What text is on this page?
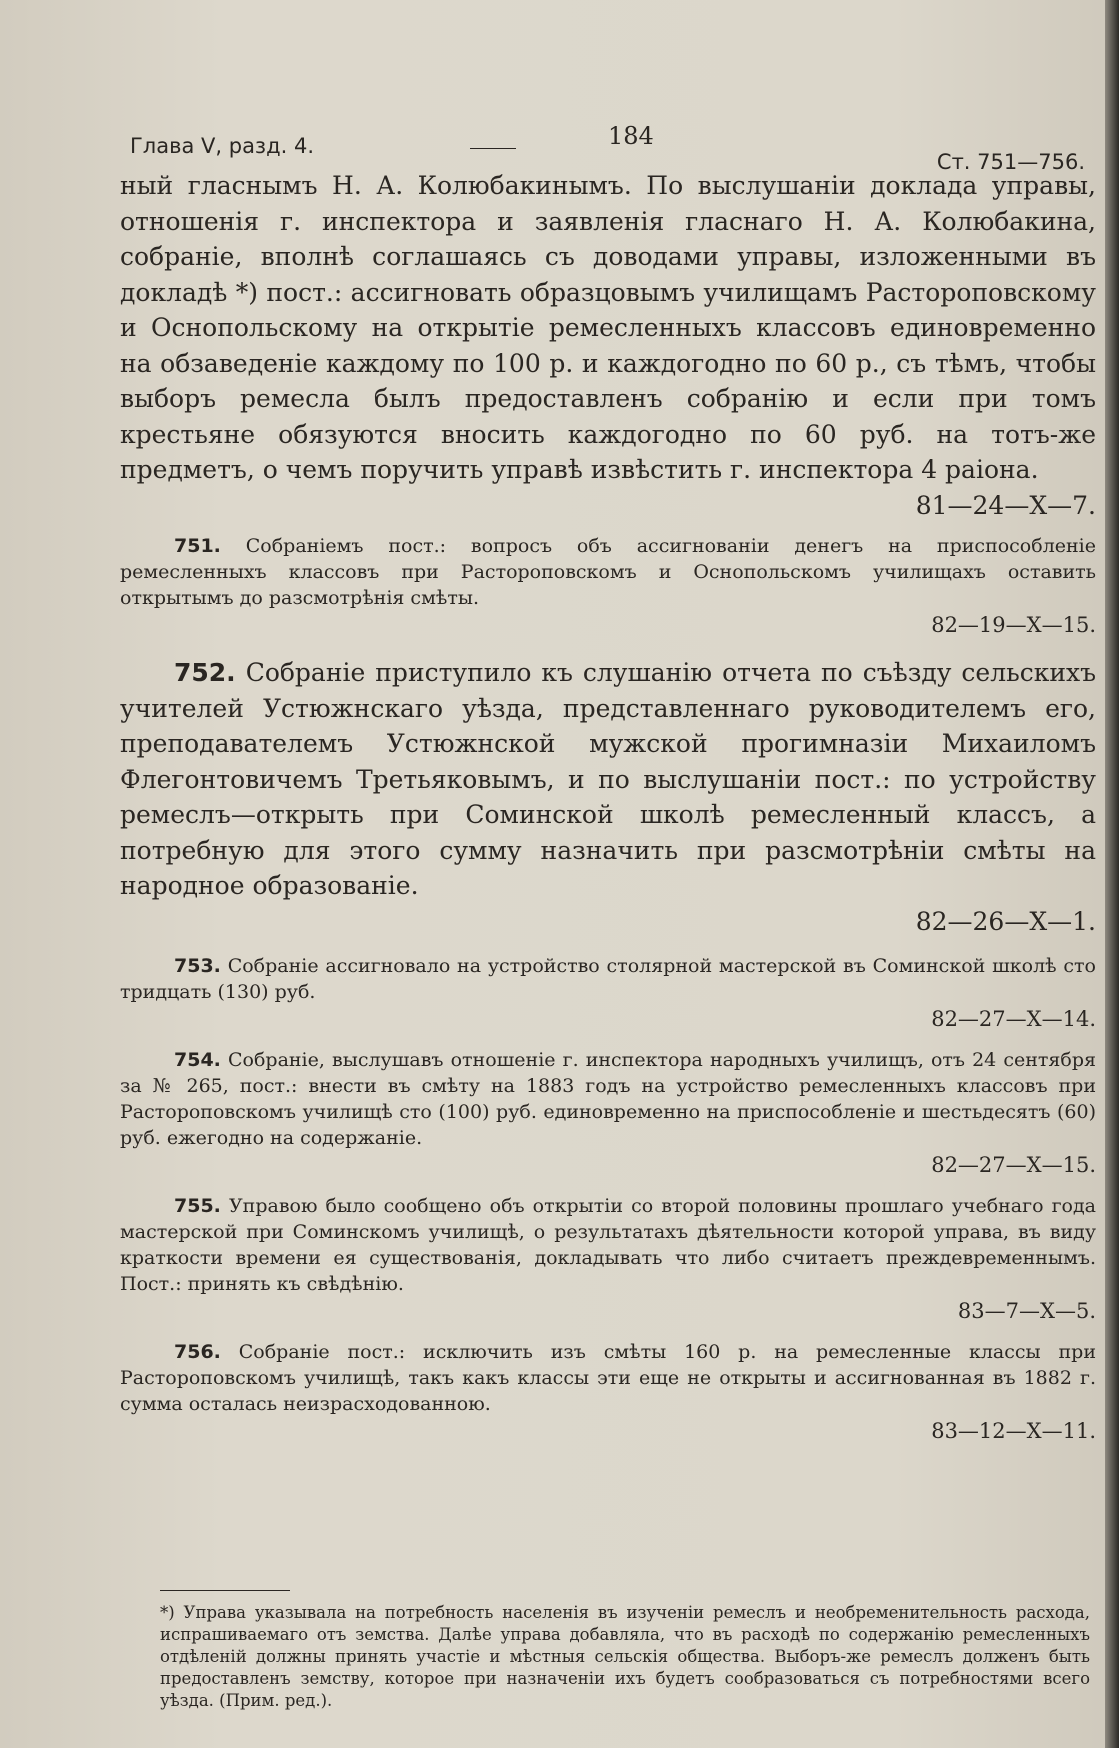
Глава V, разд. 4.	184
Ст. 751—756.

ный гласнымъ Н. А. Колюбакинымъ. По выслушаніи доклада управы, отношенія г. инспектора и заявленія гласнаго Н. А. Колюбакина, собраніе, вполнѣ соглашаясь съ доводами управы, изложенными въ докладѣ *) пост.: ассигновать образцовымъ училищамъ Растороповскому и Оснопольскому на открытіе ремесленныхъ классовъ единовременно на обзаведеніе каждому по 100 р. и каждогодно по 60 р., съ тѣмъ, чтобы выборъ ремесла былъ предоставленъ собранію и если при томъ крестьяне обязуются вносить каждогодно по 60 руб. на тотъ-же предметъ, о чемъ поручить управѣ извѣстить г. инспектора 4 раіона.
81—24—X—7.

751. Собраніемъ пост.: вопросъ объ ассигнованіи денегъ на приспособленіе ремесленныхъ классовъ при Растороповскомъ и Оснопольскомъ училищахъ оставить открытымъ до разсмотрѣнія смѣты.
82—19—X—15.

752. Собраніе приступило къ слушанію отчета по съѣзду сельскихъ учителей Устюжнскаго уѣзда, представленнаго руководителемъ его, преподавателемъ Устюжнской мужской прогимназіи Михаиломъ Флегонтовичемъ Третьяковымъ, и по выслушаніи пост.: по устройству ремеслъ—открыть при Соминской школѣ ремесленный классъ, а потребную для этого сумму назначить при разсмотрѣніи смѣты на народное образованіе.
82—26—X—1.

753. Собраніе ассигновало на устройство столярной мастерской въ Соминской школѣ сто тридцать (130) руб.
82—27—X—14.

754. Собраніе, выслушавъ отношеніе г. инспектора народныхъ училищъ, отъ 24 сентября за № 265, пост.: внести въ смѣту на 1883 годъ на устройство ремесленныхъ классовъ при Растороповскомъ училищѣ сто (100) руб. единовременно на приспособленіе и шестьдесятъ (60) руб. ежегодно на содержаніе.
82—27—X—15.

755. Управою было сообщено объ открытіи со второй половины прошлаго учебнаго года мастерской при Соминскомъ училищѣ, о результатахъ дѣятельности которой управа, въ виду краткости времени ея существованія, докладывать что либо считаетъ преждевременнымъ. Пост.: принять къ свѣдѣнію.
83—7—X—5.

756. Собраніе пост.: исключить изъ смѣты 160 р. на ремесленные классы при Растороповскомъ училищѣ, такъ какъ классы эти еще не открыты и ассигнованная въ 1882 г. сумма осталась неизрасходованною.
83—12—X—11.

*) Управа указывала на потребность населенія въ изученіи ремеслъ и необременительность расхода, испрашиваемаго отъ земства. Далѣе управа добавляла, что въ расходѣ по содержанію ремесленныхъ отдѣленій должны принять участіе и мѣстныя сельскія общества. Выборъ-же ремеслъ долженъ быть предоставленъ земству, которое при назначеніи ихъ будетъ сообразоваться съ потребностями всего уѣзда. (Прим. ред.).
